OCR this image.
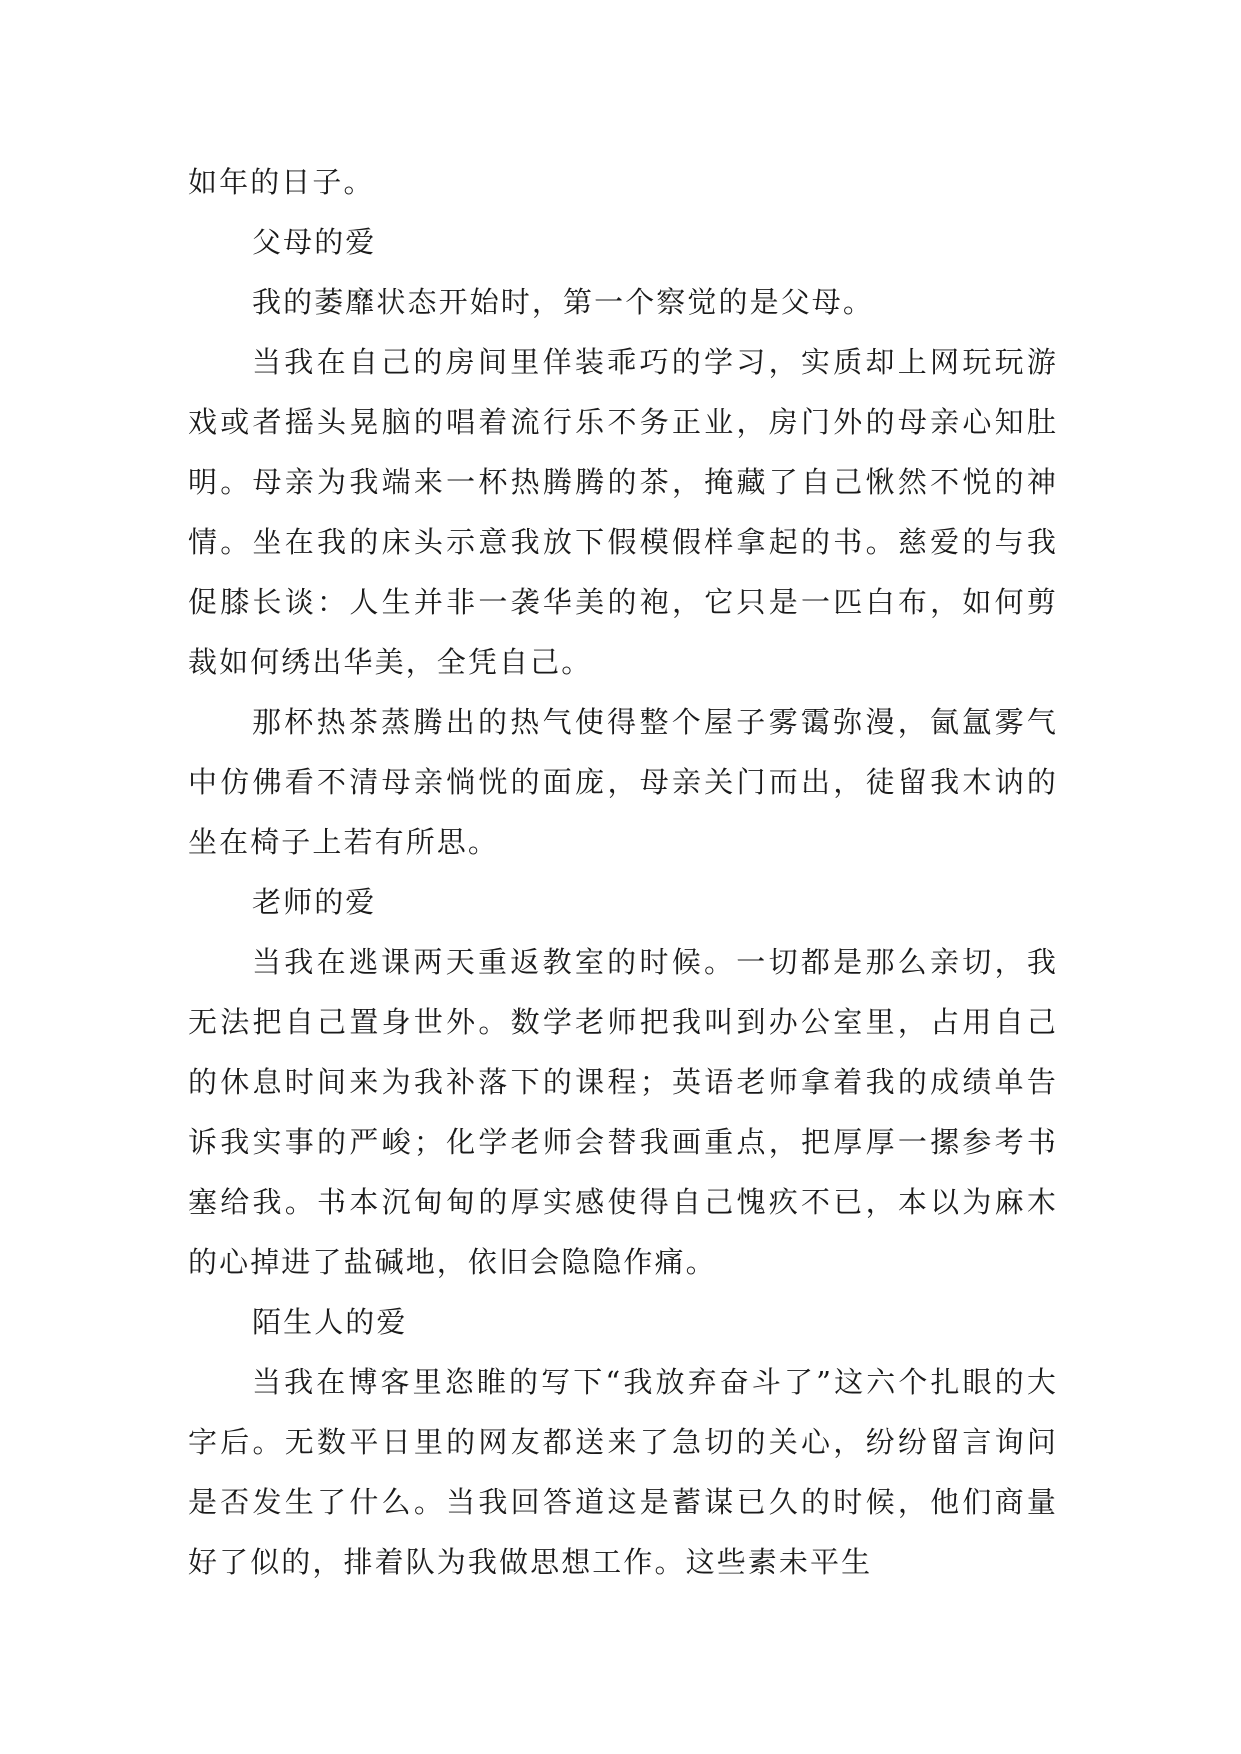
如年的日子。

父母的爱

我的萎靡状态开始时，第一个察觉的是父母。

当我在自己的房间里佯装乖巧的学习，实质却上网玩玩游戏或者摇头晃脑的唱着流行乐不务正业，房门外的母亲心知肚明。母亲为我端来一杯热腾腾的茶，掩藏了自己愀然不悦的神情。坐在我的床头示意我放下假模假样拿起的书。慈爱的与我促膝长谈：人生并非一袭华美的袍，它只是一匹白布，如何剪裁如何绣出华美，全凭自己。

那杯热茶蒸腾出的热气使得整个屋子雾霭弥漫，氤氲雾气中仿佛看不清母亲惝恍的面庞，母亲关门而出，徒留我木讷的坐在椅子上若有所思。

老师的爱

当我在逃课两天重返教室的时候。一切都是那么亲切，我无法把自己置身世外。数学老师把我叫到办公室里，占用自己的休息时间来为我补落下的课程；英语老师拿着我的成绩单告诉我实事的严峻；化学老师会替我画重点，把厚厚一摞参考书塞给我。书本沉甸甸的厚实感使得自己愧疚不已，本以为麻木的心掉进了盐碱地，依旧会隐隐作痛。

陌生人的爱

当我在博客里恣睢的写下“我放弃奋斗了”这六个扎眼的大字后。无数平日里的网友都送来了急切的关心，纷纷留言询问是否发生了什么。当我回答道这是蓄谋已久的时候，他们商量好了似的，排着队为我做思想工作。这些素未平生
